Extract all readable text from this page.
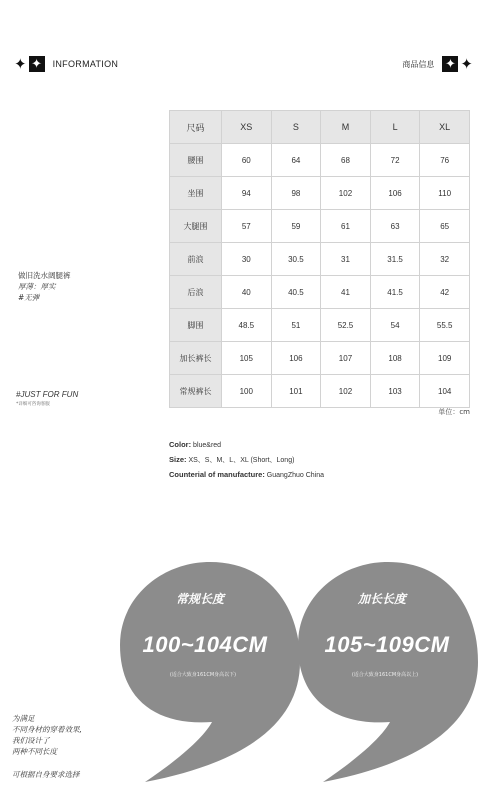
✦ ✦ INFORMATION	商品信息 ✦ ✦
尺码	XS	S	M	L	XL
腰围	60	64	68	72	76
坐围	94	98	102	106	110
大腿围	57	59	61	63	65
前浪	30	30.5	31	31.5	32
后浪	40	40.5	41	41.5	42
脚围	48.5	51	52.5	54	55.5
加长裤长	105	106	107	108	109
常规裤长	100	101	102	103	104
单位：cm
做旧洗水阔腿裤
厚薄：厚实
#无弹
#JUST FOR FUN
*详细可咨询客服
Color: blue&red
Size: XS、S、M、L、XL (Short、Long)
Counterial of manufacture: GuangZhuo China
常规长度
100~104CM
(适合大致身161CM身高以下)
加长长度
105~109CM
(适合大致身161CM身高以上)
为满足
不同身材的穿着效果,
我们设计了
两种不同长度
可根据自身要求选择
